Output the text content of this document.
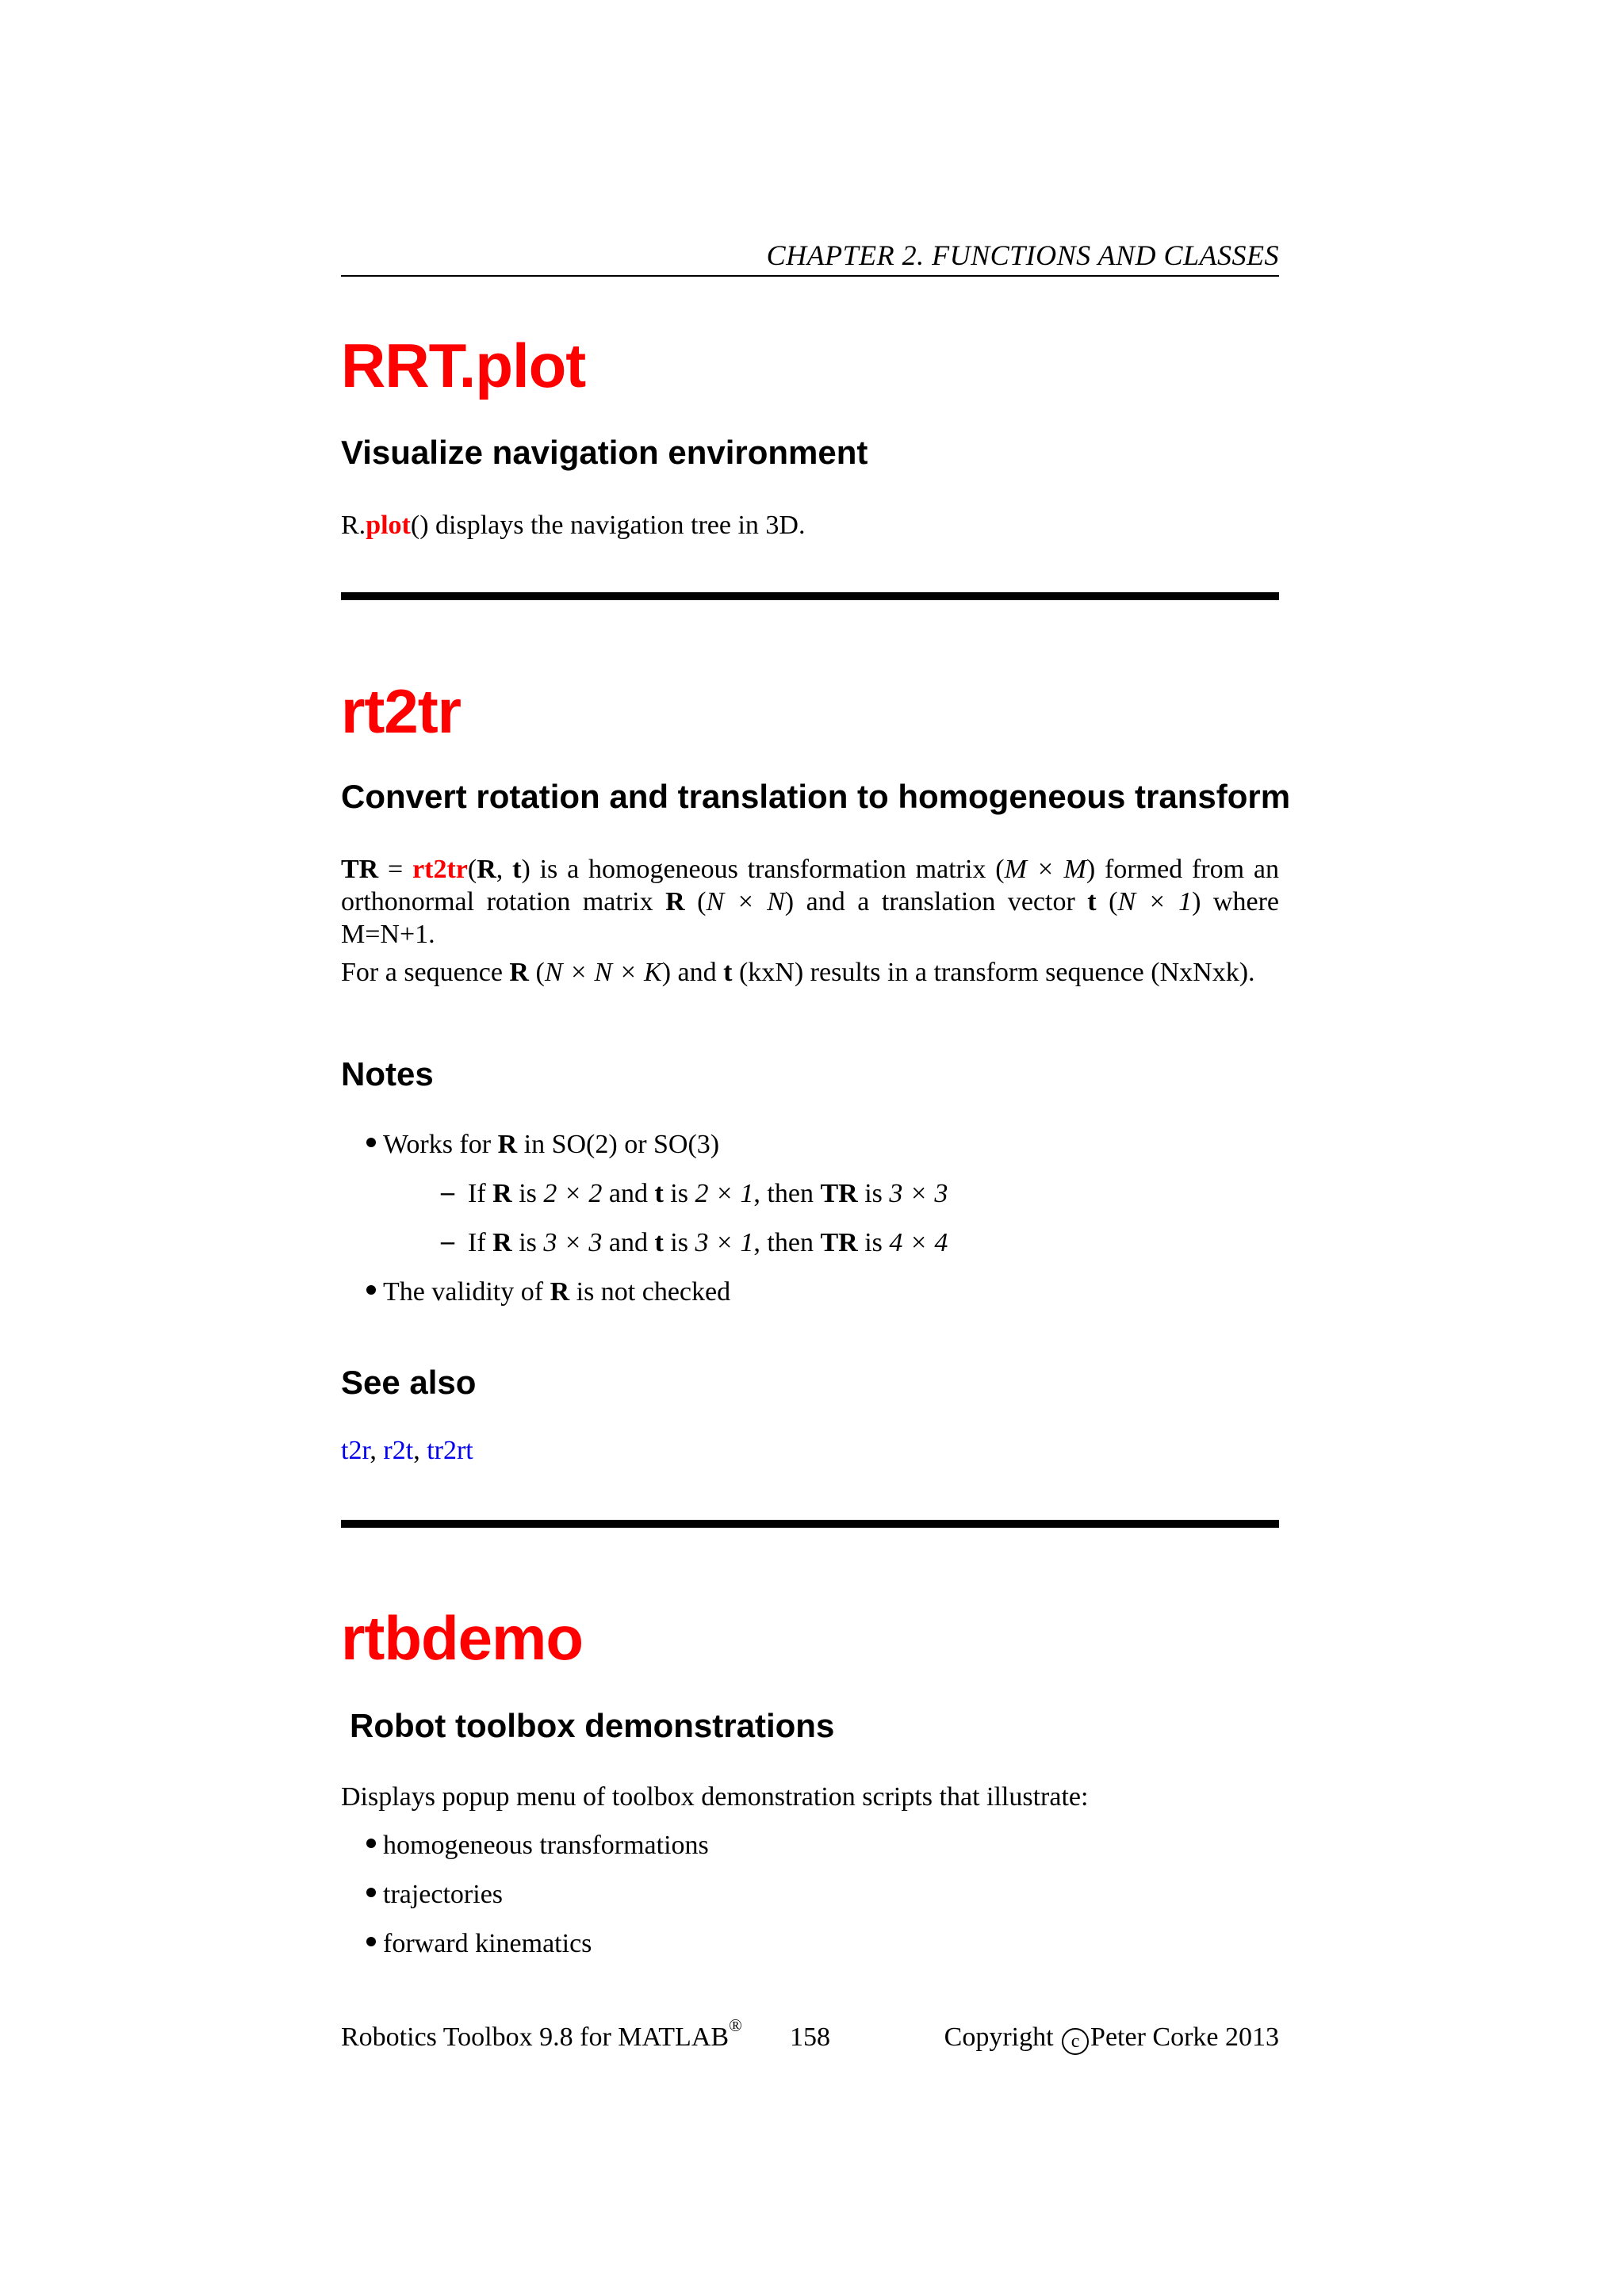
CHAPTER 2. FUNCTIONS AND CLASSES
RRT.plot
Visualize navigation environment

R.plot() displays the navigation tree in 3D.

rt2tr
Convert rotation and translation to homogeneous transform

TR = rt2tr(R, t) is a homogeneous transformation matrix (M × M) formed from an orthonormal rotation matrix R (N × N) and a translation vector t (N × 1) where M=N+1.

For a sequence R (N × N × K) and t (kxN) results in a transform sequence (NxNxk).

Notes
Works for R in SO(2) or SO(3)
– If R is 2 × 2 and t is 2 × 1, then TR is 3 × 3
– If R is 3 × 3 and t is 3 × 1, then TR is 4 × 4
The validity of R is not checked
See also
t2r, r2t, tr2rt
rtbdemo
Robot toolbox demonstrations

Displays popup menu of toolbox demonstration scripts that illustrate:

homogeneous transformations
trajectories
forward kinematics
Robotics Toolbox 9.8 for MATLAB® 158	Copyright c Peter Corke 2013
